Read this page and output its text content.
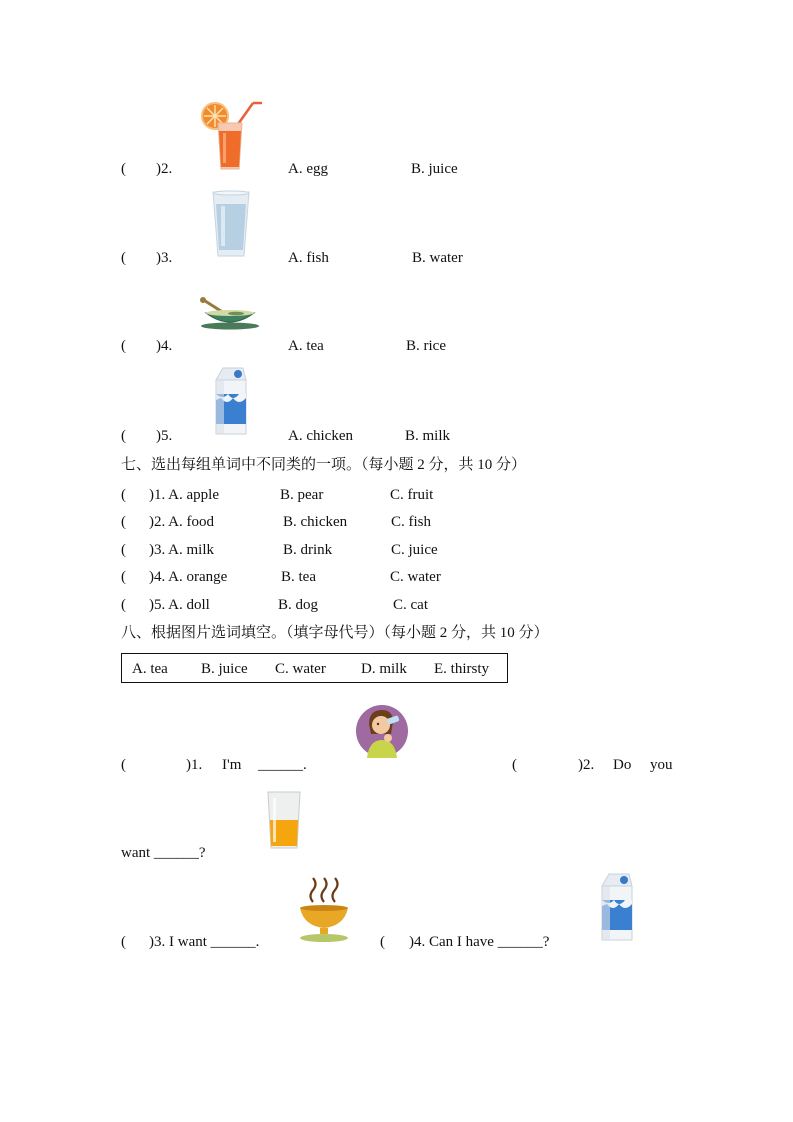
( )2.	A. egg	B. juice
( )3.	A. fish	B. water
( )4.	A. tea	B. rice
( )5.	A. chicken	B. milk
七、选出每组单词中不同类的一项。（每小题 2 分，共 10 分）
( )1. A. apple	B. pear	C. fruit
( )2. A. food	B. chicken	C. fish
( )3. A. milk	B. drink	C. juice
( )4. A. orange	B. tea	C. water
( )5. A. doll	B. dog	C. cat
八、根据图片选词填空。（填字母代号）（每小题 2 分，共 10 分）
A. tea B. juice C. water D. milk E. thirsty
(	)1. I'm ______.	(	)2. Do you
want ______?
( )3. I want ______.	( )4. Can I have ______?
